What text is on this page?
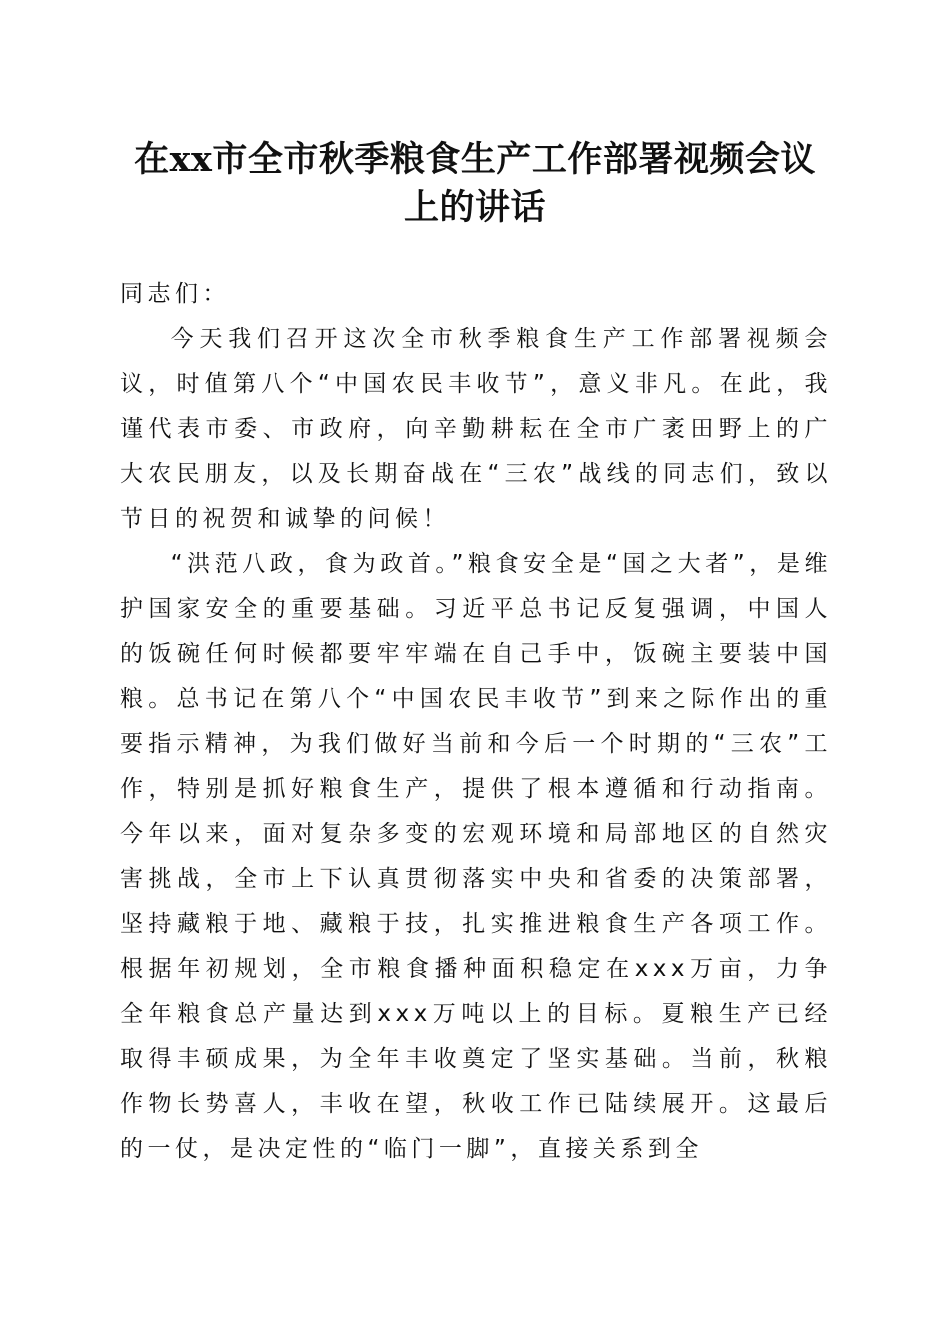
在xx市全市秋季粮食生产工作部署视频会议
上的讲话

同志们：

今天我们召开这次全市秋季粮食生产工作部署视频会议，时值第八个“中国农民丰收节”，意义非凡。在此，我谨代表市委、市政府，向辛勤耕耘在全市广袤田野上的广大农民朋友，以及长期奋战在“三农”战线的同志们，致以节日的祝贺和诚挚的问候！

“洪范八政，食为政首。”粮食安全是“国之大者”，是维护国家安全的重要基础。习近平总书记反复强调，中国人的饭碗任何时候都要牢牢端在自己手中，饭碗主要装中国粮。总书记在第八个“中国农民丰收节”到来之际作出的重要指示精神，为我们做好当前和今后一个时期的“三农”工作，特别是抓好粮食生产，提供了根本遵循和行动指南。今年以来，面对复杂多变的宏观环境和局部地区的自然灾害挑战，全市上下认真贯彻落实中央和省委的决策部署，坚持藏粮于地、藏粮于技，扎实推进粮食生产各项工作。根据年初规划，全市粮食播种面积稳定在xxx万亩，力争全年粮食总产量达到xxx万吨以上的目标。夏粮生产已经取得丰硕成果，为全年丰收奠定了坚实基础。当前，秋粮作物长势喜人，丰收在望，秋收工作已陆续展开。这最后的一仗，是决定性的“临门一脚”，直接关系到全
